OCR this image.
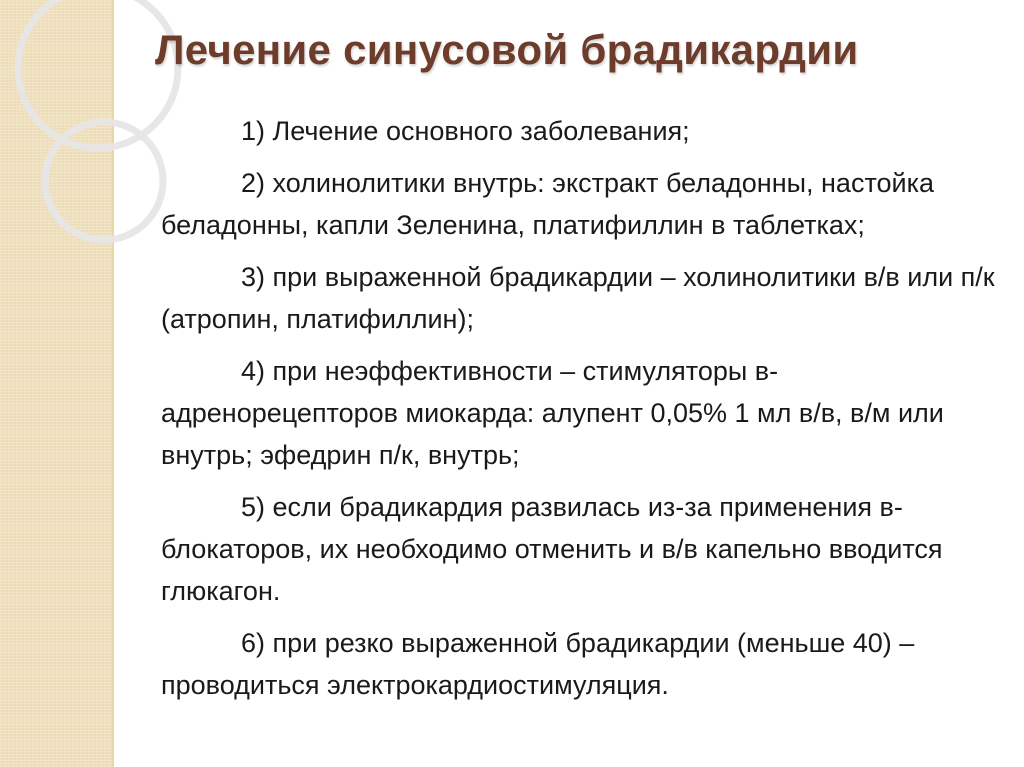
Лечение синусовой брадикардии

1) Лечение основного заболевания;

2) холинолитики внутрь: экстракт беладонны, настойка беладонны, капли Зеленина, платифиллин в таблетках;

3) при выраженной брадикардии – холинолитики в/в или п/к (атропин, платифиллин);

4) при неэффективности – стимуляторы в-адренорецепторов миокарда: алупент 0,05% 1 мл в/в, в/м или внутрь; эфедрин п/к, внутрь;

5) если брадикардия развилась из-за применения в-блокаторов, их необходимо отменить и в/в капельно вводится глюкагон.

6) при резко выраженной брадикардии (меньше 40) – проводиться электрокардиостимуляция.
